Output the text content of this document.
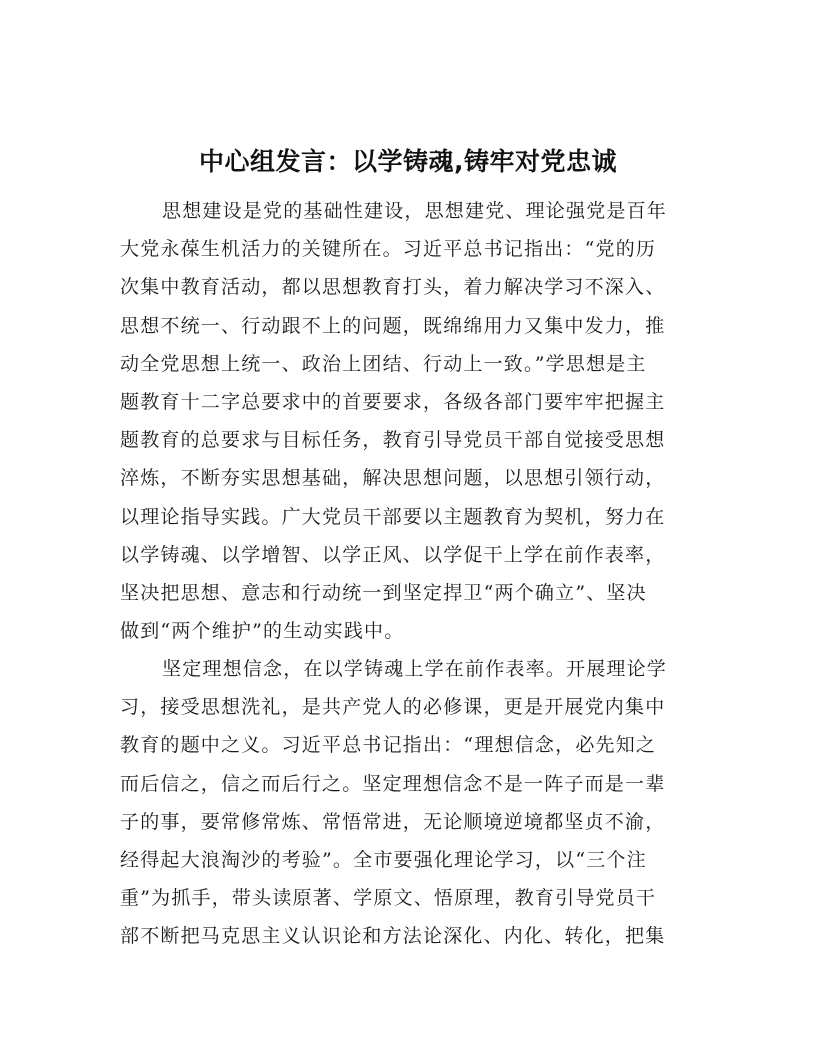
中心组发言：以学铸魂,铸牢对党忠诚
思想建设是党的基础性建设，思想建党、理论强党是百年
大党永葆生机活力的关键所在。习近平总书记指出：“党的历
次集中教育活动，都以思想教育打头，着力解决学习不深入、
思想不统一、行动跟不上的问题，既绵绵用力又集中发力，推
动全党思想上统一、政治上团结、行动上一致。”学思想是主
题教育十二字总要求中的首要要求，各级各部门要牢牢把握主
题教育的总要求与目标任务，教育引导党员干部自觉接受思想
淬炼，不断夯实思想基础，解决思想问题，以思想引领行动，
以理论指导实践。广大党员干部要以主题教育为契机，努力在
以学铸魂、以学增智、以学正风、以学促干上学在前作表率，
坚决把思想、意志和行动统一到坚定捍卫“两个确立”、坚决
做到“两个维护”的生动实践中。
坚定理想信念，在以学铸魂上学在前作表率。开展理论学
习，接受思想洗礼，是共产党人的必修课，更是开展党内集中
教育的题中之义。习近平总书记指出：“理想信念，必先知之
而后信之，信之而后行之。坚定理想信念不是一阵子而是一辈
子的事，要常修常炼、常悟常进，无论顺境逆境都坚贞不渝，
经得起大浪淘沙的考验”。全市要强化理论学习，以“三个注
重”为抓手，带头读原著、学原文、悟原理，教育引导党员干
部不断把马克思主义认识论和方法论深化、内化、转化，把集
